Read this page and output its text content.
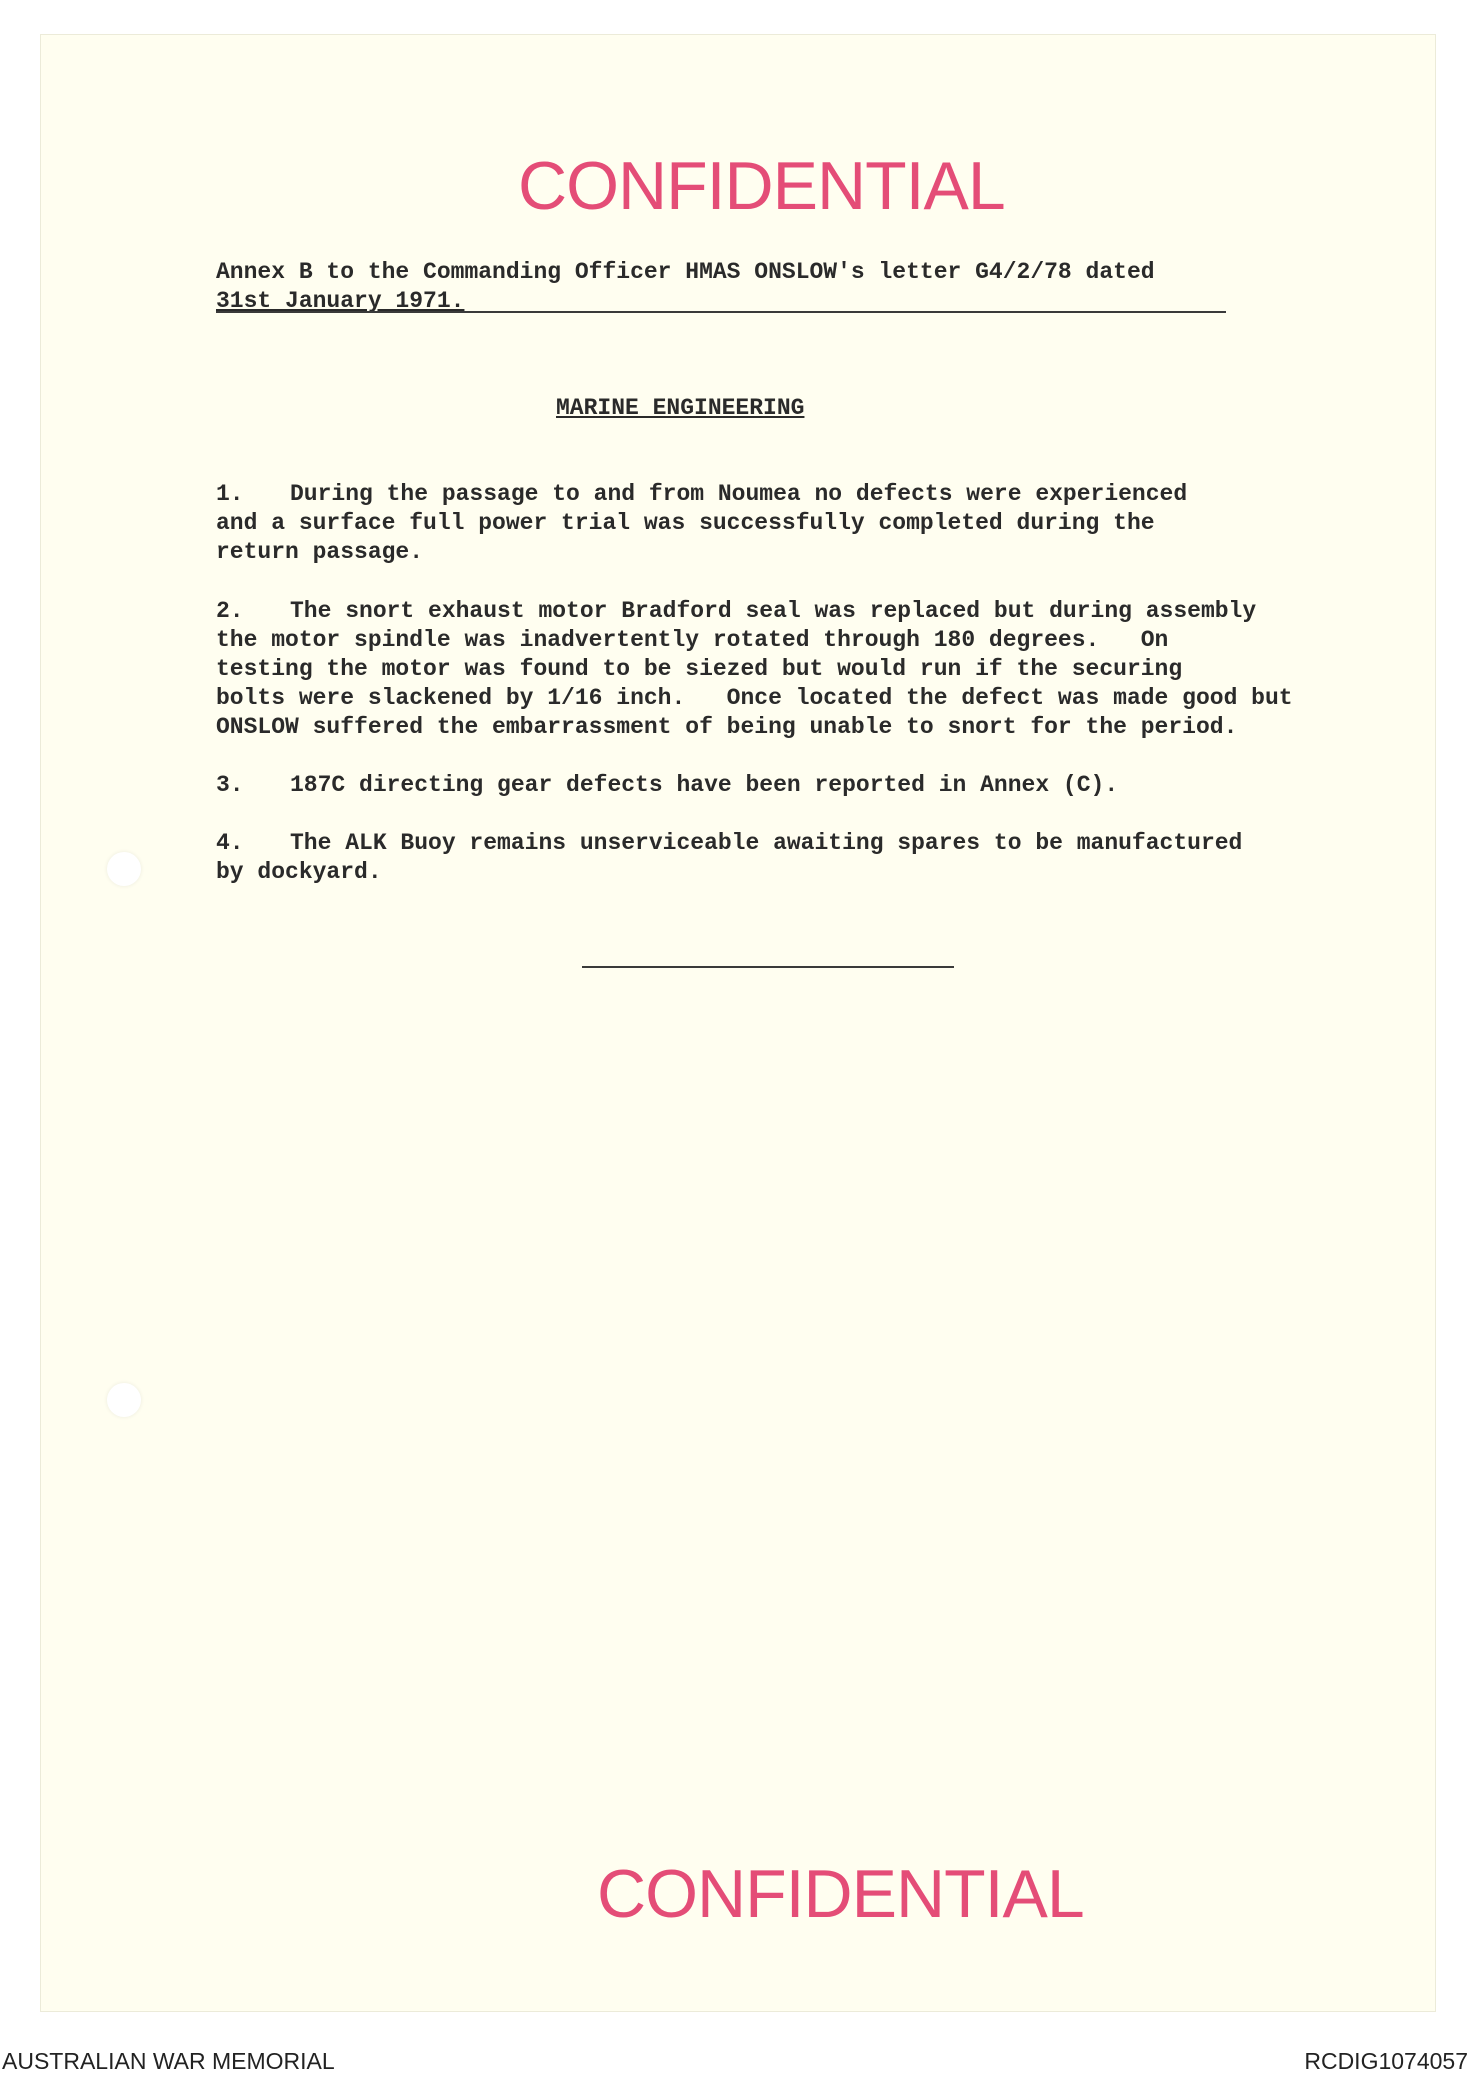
CONFIDENTIAL
Annex B to the Commanding Officer HMAS ONSLOW's letter G4/2/78 dated
31st January 1971.
MARINE ENGINEERING
1. During the passage to and from Noumea no defects were experienced
and a surface full power trial was successfully completed during the
return passage.
2. The snort exhaust motor Bradford seal was replaced but during assembly
the motor spindle was inadvertently rotated through 180 degrees.   On
testing the motor was found to be siezed but would run if the securing
bolts were slackened by 1/16 inch.   Once located the defect was made good but
ONSLOW suffered the embarrassment of being unable to snort for the period.
3. 187C directing gear defects have been reported in Annex (C).
4. The ALK Buoy remains unserviceable awaiting spares to be manufactured
by dockyard.
CONFIDENTIAL
AUSTRALIAN WAR MEMORIAL	RCDIG1074057
